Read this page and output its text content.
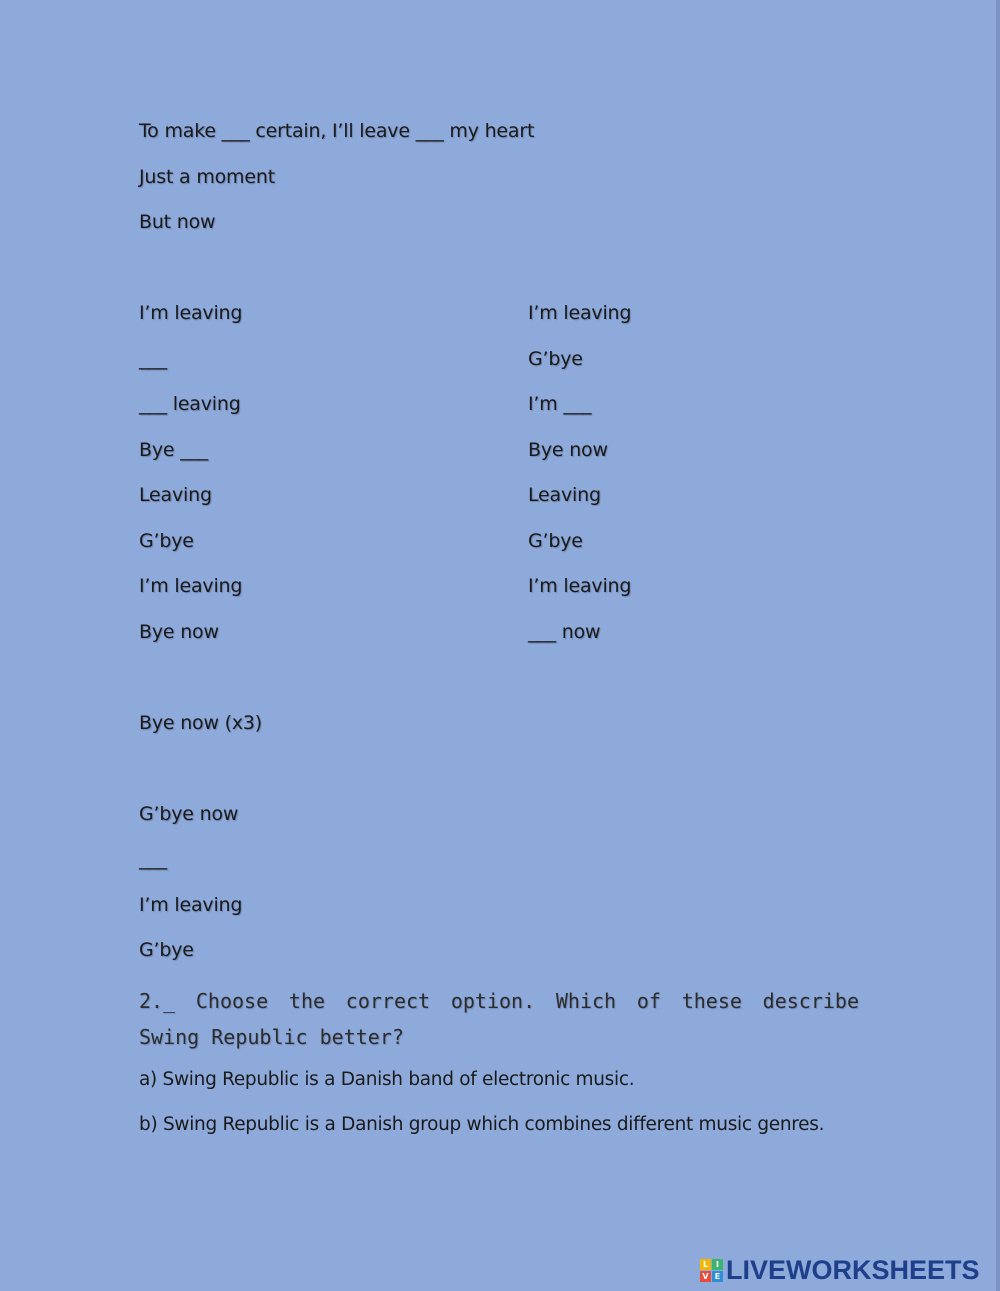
To make ___ certain, I’ll leave ___ my heart
Just a moment
But now
I’m leaving
___
___ leaving
Bye ___
Leaving
G’bye
I’m leaving
Bye now
I’m leaving
G’bye
I’m ___
Bye now
Leaving
G’bye
I’m leaving
___ now
Bye now (x3)
G’bye now
___
I’m leaving
G’bye
2._ Choose the correct option. Which of these describe Swing Republic better?
a) Swing Republic is a Danish band of electronic music.
b) Swing Republic is a Danish group which combines different music genres.
L I
V E LIVEWORKSHEETS
